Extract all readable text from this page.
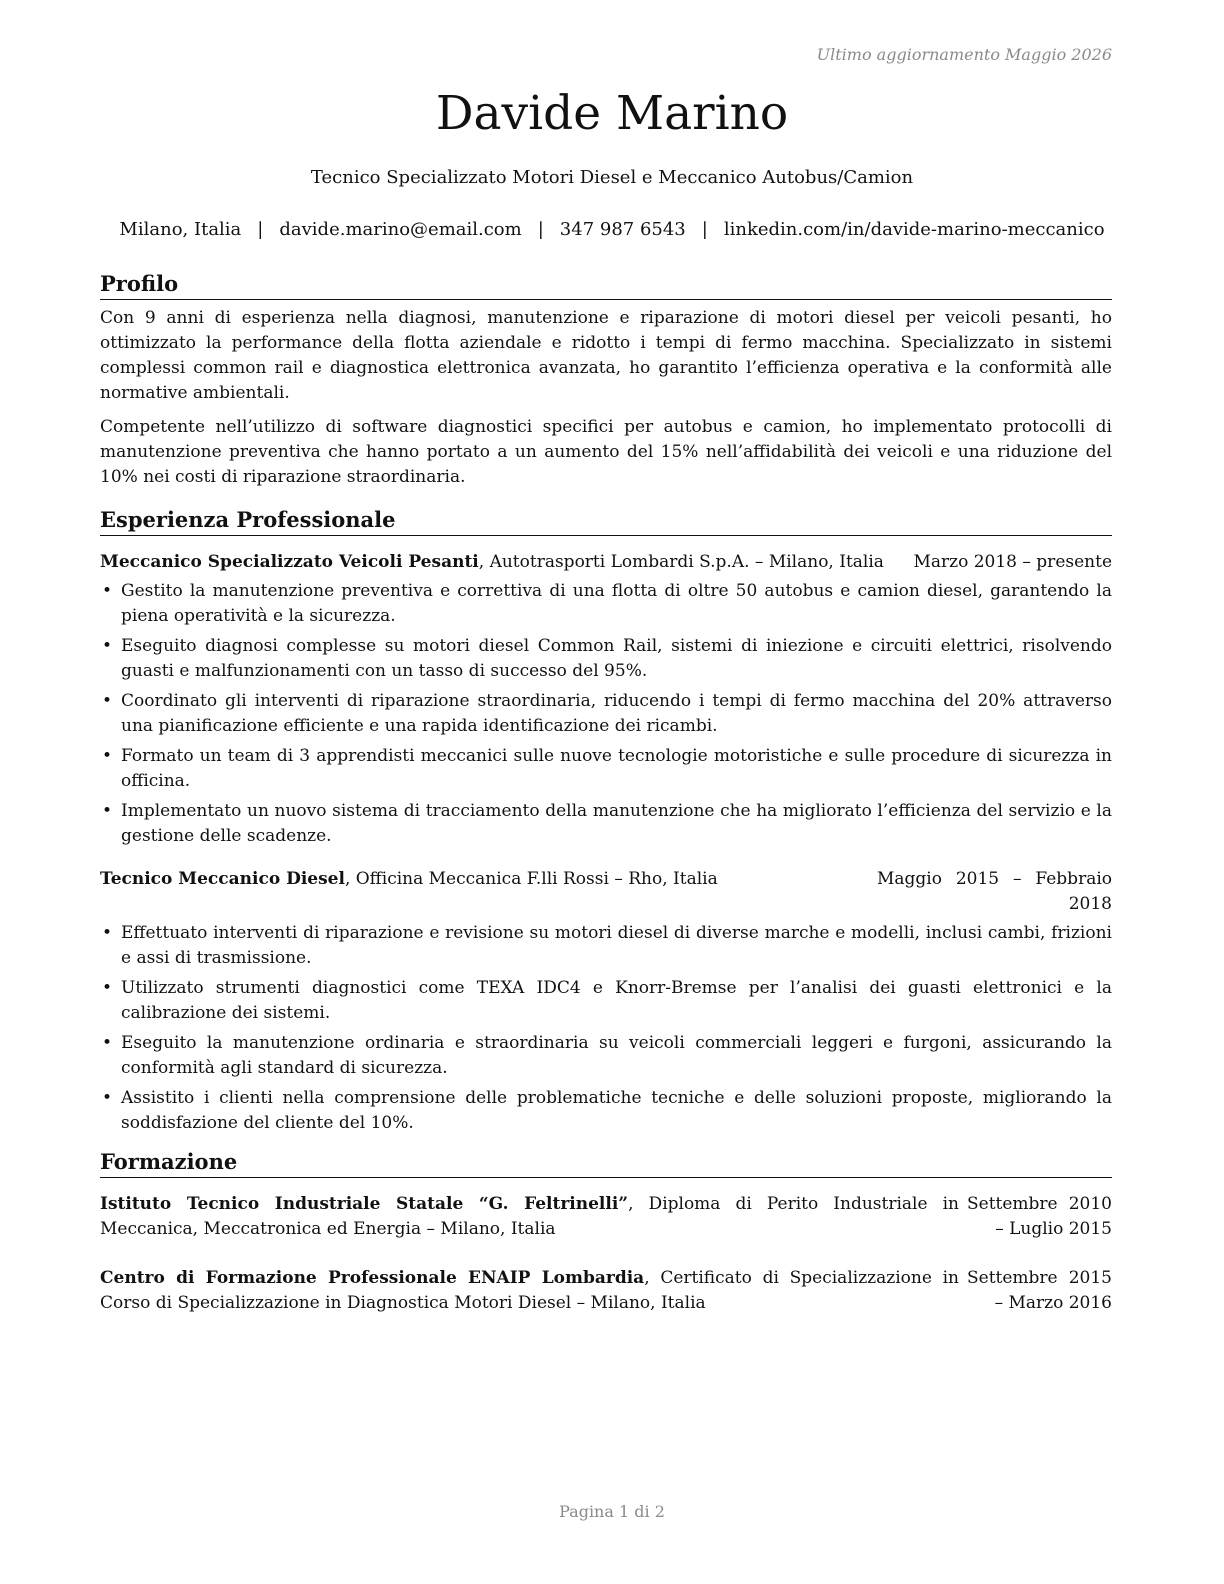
Ultimo aggiornamento Maggio 2026
Davide Marino
Tecnico Specializzato Motori Diesel e Meccanico Autobus/Camion
Milano, Italia | davide.marino@email.com | 347 987 6543 | linkedin.com/in/davide-marino-meccanico
Profilo

Con 9 anni di esperienza nella diagnosi, manutenzione e riparazione di motori diesel per veicoli pesanti, ho ottimizzato la performance della flotta aziendale e ridotto i tempi di fermo macchina. Specializzato in sistemi complessi common rail e diagnostica elettronica avanzata, ho garantito l’efficienza operativa e la conformità alle normative ambientali.

Competente nell’utilizzo di software diagnostici specifici per autobus e camion, ho implementato protocolli di manutenzione preventiva che hanno portato a un aumento del 15% nell’affidabilità dei veicoli e una riduzione del 10% nei costi di riparazione straordinaria.

Esperienza Professionale
Meccanico Specializzato Veicoli Pesanti, Autotrasporti Lombardi S.p.A. – Milano, Italia	Marzo 2018 – presente
• Gestito la manutenzione preventiva e correttiva di una flotta di oltre 50 autobus e camion diesel, garantendo la piena operatività e la sicurezza.
• Eseguito diagnosi complesse su motori diesel Common Rail, sistemi di iniezione e circuiti elettrici, risolvendo guasti e malfunzionamenti con un tasso di successo del 95%.
• Coordinato gli interventi di riparazione straordinaria, riducendo i tempi di fermo macchina del 20% attraverso una pianificazione efficiente e una rapida identificazione dei ricambi.
• Formato un team di 3 apprendisti meccanici sulle nuove tecnologie motoristiche e sulle procedure di sicurezza in officina.
• Implementato un nuovo sistema di tracciamento della manutenzione che ha migliorato l’efficienza del servizio e la gestione delle scadenze.
Tecnico Meccanico Diesel, Officina Meccanica F.lli Rossi – Rho, Italia	Maggio 2015 – Febbraio 2018
• Effettuato interventi di riparazione e revisione su motori diesel di diverse marche e modelli, inclusi cambi, frizioni e assi di trasmissione.
• Utilizzato strumenti diagnostici come TEXA IDC4 e Knorr-Bremse per l’analisi dei guasti elettronici e la calibrazione dei sistemi.
• Eseguito la manutenzione ordinaria e straordinaria su veicoli commerciali leggeri e furgoni, assicurando la conformità agli standard di sicurezza.
• Assistito i clienti nella comprensione delle problematiche tecniche e delle soluzioni proposte, migliorando la soddisfazione del cliente del 10%.
Formazione
Istituto Tecnico Industriale Statale “G. Feltrinelli”, Diploma di Perito Industriale in Meccanica, Meccatronica ed Energia – Milano, Italia
Settembre 2010 – Luglio 2015
Centro di Formazione Professionale ENAIP Lombardia, Certificato di Specializzazione in Corso di Specializzazione in Diagnostica Motori Diesel – Milano, Italia
Settembre 2015 – Marzo 2016
Pagina 1 di 2
